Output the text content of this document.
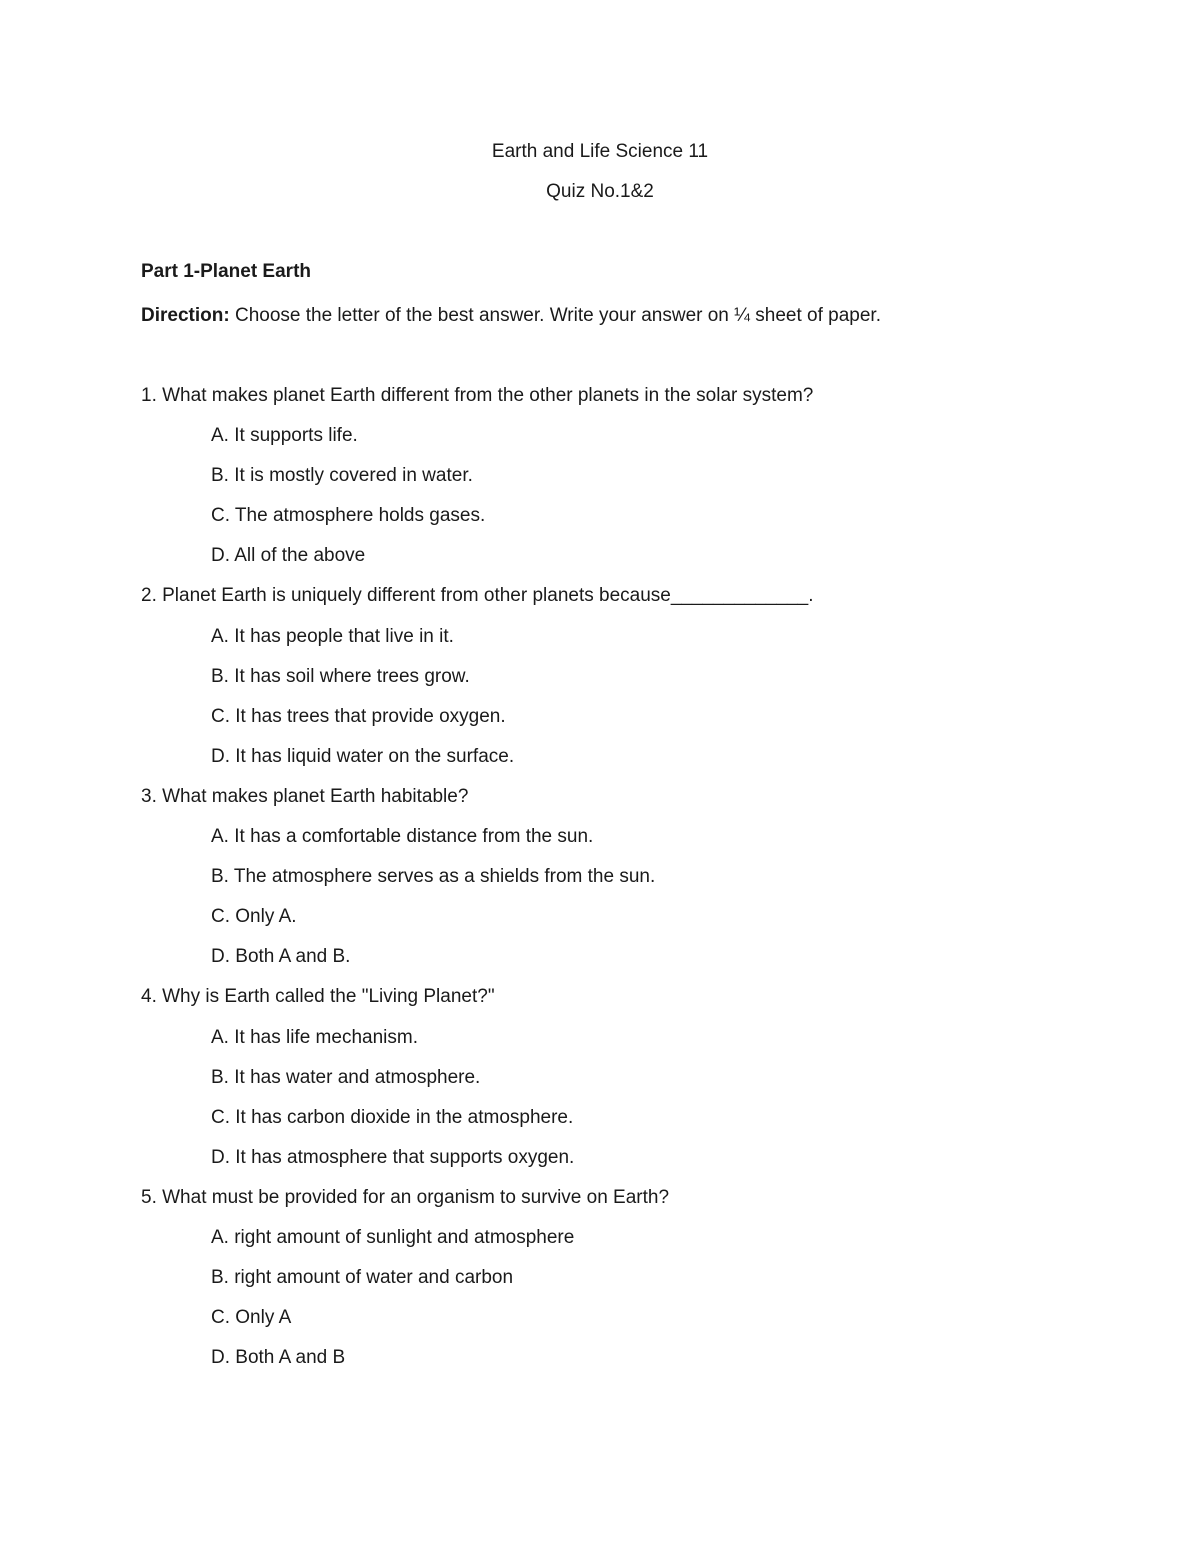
Earth and Life Science 11
Quiz No.1&2
Part 1-Planet Earth
Direction: Choose the letter of the best answer. Write your answer on ¼ sheet of paper.
1. What makes planet Earth different from the other planets in the solar system?
A. It supports life.
B. It is mostly covered in water.
C. The atmosphere holds gases.
D. All of the above
2. Planet Earth is uniquely different from other planets because_____________.
A. It has people that live in it.
B. It has soil where trees grow.
C. It has trees that provide oxygen.
D. It has liquid water on the surface.
3. What makes planet Earth habitable?
A. It has a comfortable distance from the sun.
B. The atmosphere serves as a shields from the sun.
C. Only A.
D. Both A and B.
4. Why is Earth called the "Living Planet?"
A. It has life mechanism.
B. It has water and atmosphere.
C. It has carbon dioxide in the atmosphere.
D. It has atmosphere that supports oxygen.
5. What must be provided for an organism to survive on Earth?
A. right amount of sunlight and atmosphere
B. right amount of water and carbon
C. Only A
D. Both A and B
